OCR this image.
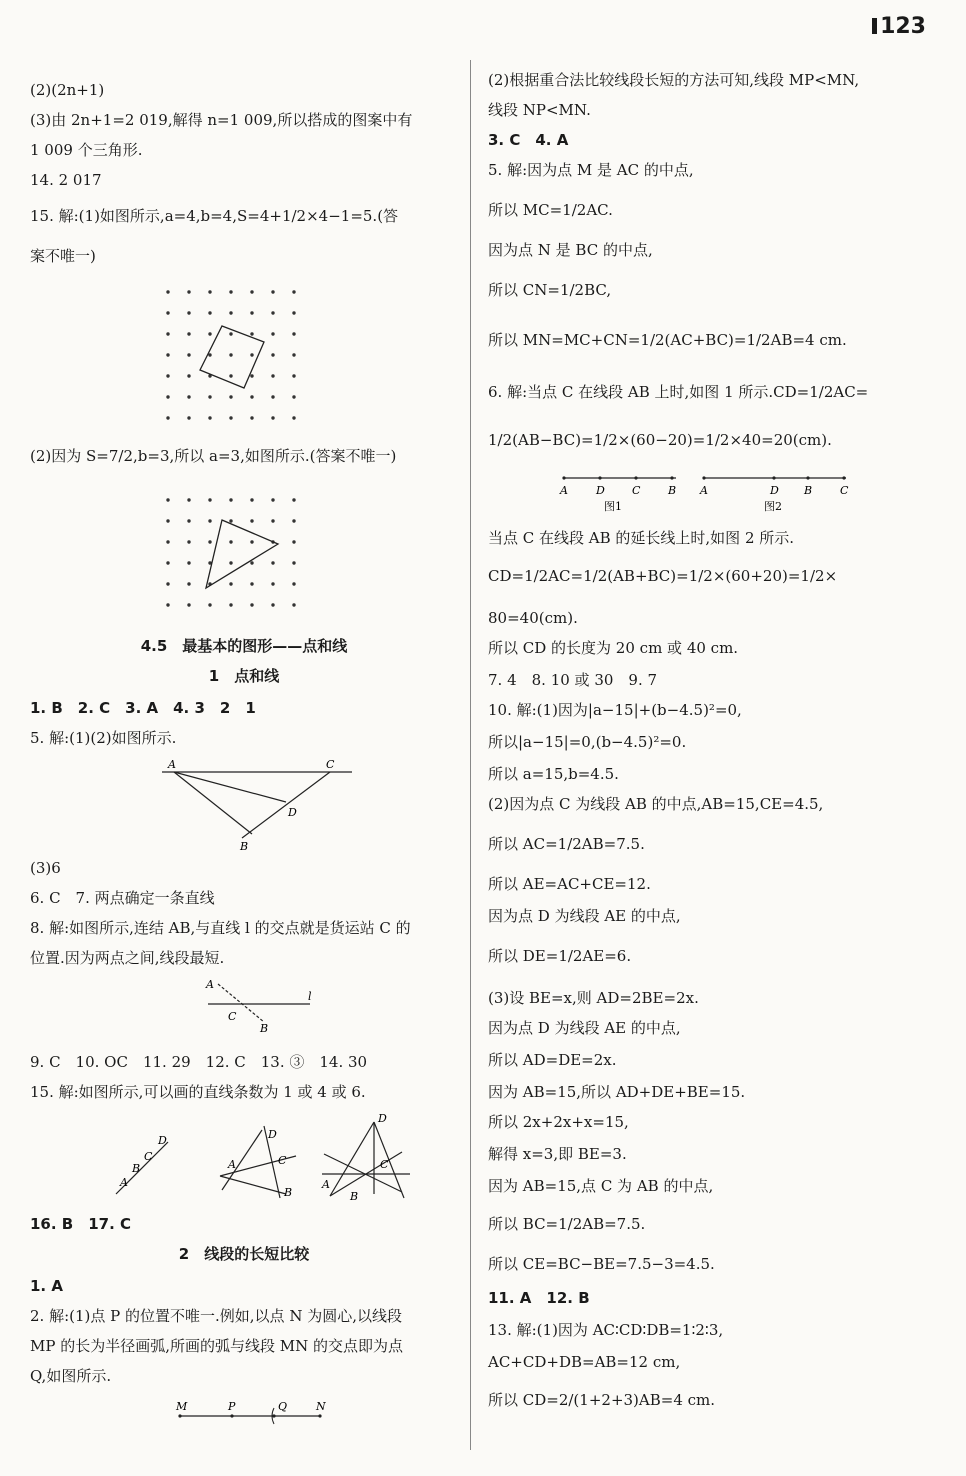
123
A	C
D
B
A
l
C
B
D
C
B
A
D
C
A
B
D
C
A
B
M	P	Q	N
(2)(2n+1)
(3)由 2n+1=2 019,解得 n=1 009,所以搭成的图案中有
1 009 个三角形.
14. 2 017
15. 解:(1)如图所示,a=4,b=4,S=4+1/2×4−1=5.(答
案不唯一)
(2)因为 S=7/2,b=3,所以 a=3,如图所示.(答案不唯一)
4.5　最基本的图形——点和线
1　点和线
1. B　2. C　3. A　4. 3　2　1
5. 解:(1)(2)如图所示.
(3)6
6. C　7. 两点确定一条直线
8. 解:如图所示,连结 AB,与直线 l 的交点就是货运站 C 的
位置.因为两点之间,线段最短.
9. C　10. OC　11. 29　12. C　13. ③　14. 30
15. 解:如图所示,可以画的直线条数为 1 或 4 或 6.
16. B　17. C
2　线段的长短比较
1. A
2. 解:(1)点 P 的位置不唯一.例如,以点 N 为圆心,以线段
MP 的长为半径画弧,所画的弧与线段 MN 的交点即为点
Q,如图所示.
A	D C	B
图1
A	D B	C
图2
(2)根据重合法比较线段长短的方法可知,线段 MP<MN,
线段 NP<MN.
3. C　4. A
5. 解:因为点 M 是 AC 的中点,
所以 MC=1/2AC.
因为点 N 是 BC 的中点,
所以 CN=1/2BC,
所以 MN=MC+CN=1/2(AC+BC)=1/2AB=4 cm.
6. 解:当点 C 在线段 AB 上时,如图 1 所示.CD=1/2AC=
1/2(AB−BC)=1/2×(60−20)=1/2×40=20(cm).
当点 C 在线段 AB 的延长线上时,如图 2 所示.
CD=1/2AC=1/2(AB+BC)=1/2×(60+20)=1/2×
80=40(cm).
所以 CD 的长度为 20 cm 或 40 cm.
7. 4　8. 10 或 30　9. 7
10. 解:(1)因为|a−15|+(b−4.5)²=0,
所以|a−15|=0,(b−4.5)²=0.
所以 a=15,b=4.5.
(2)因为点 C 为线段 AB 的中点,AB=15,CE=4.5,
所以 AC=1/2AB=7.5.
所以 AE=AC+CE=12.
因为点 D 为线段 AE 的中点,
所以 DE=1/2AE=6.
(3)设 BE=x,则 AD=2BE=2x.
因为点 D 为线段 AE 的中点,
所以 AD=DE=2x.
因为 AB=15,所以 AD+DE+BE=15.
所以 2x+2x+x=15,
解得 x=3,即 BE=3.
因为 AB=15,点 C 为 AB 的中点,
所以 BC=1/2AB=7.5.
所以 CE=BC−BE=7.5−3=4.5.
11. A　12. B
13. 解:(1)因为 AC∶CD∶DB=1∶2∶3,
AC+CD+DB=AB=12 cm,
所以 CD=2/(1+2+3)AB=4 cm.
